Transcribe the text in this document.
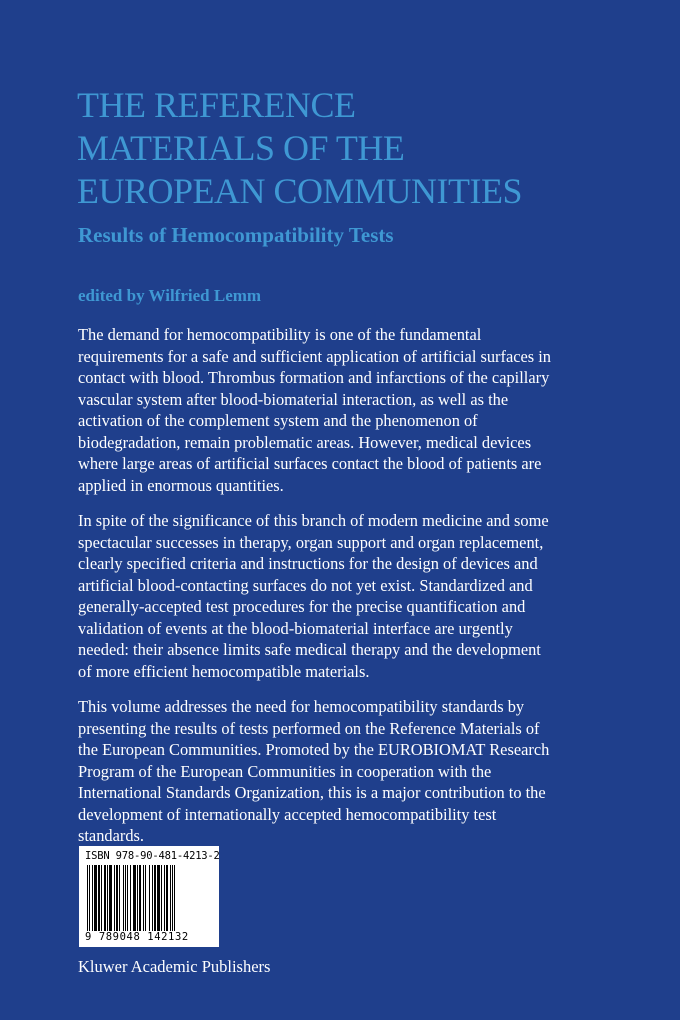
THE REFERENCE
MATERIALS OF THE
EUROPEAN COMMUNITIES
Results of Hemocompatibility Tests

edited by Wilfried Lemm

The demand for hemocompatibility is one of the fundamental
requirements for a safe and sufficient application of artificial surfaces in
contact with blood. Thrombus formation and infarctions of the capillary
vascular system after blood-biomaterial interaction, as well as the
activation of the complement system and the phenomenon of
biodegradation, remain problematic areas. However, medical devices
where large areas of artificial surfaces contact the blood of patients are
applied in enormous quantities.
In spite of the significance of this branch of modern medicine and some
spectacular successes in therapy, organ support and organ replacement,
clearly specified criteria and instructions for the design of devices and
artificial blood-contacting surfaces do not yet exist. Standardized and
generally-accepted test procedures for the precise quantification and
validation of events at the blood-biomaterial interface are urgently
needed: their absence limits safe medical therapy and the development
of more efficient hemocompatible materials.
This volume addresses the need for hemocompatibility standards by
presenting the results of tests performed on the Reference Materials of
the European Communities. Promoted by the EUROBIOMAT Research
Program of the European Communities in cooperation with the
International Standards Organization, this is a major contribution to the
development of internationally accepted hemocompatibility test
standards.
ISBN 978-90-481-4213-2
9 789048 142132

Kluwer Academic Publishers
